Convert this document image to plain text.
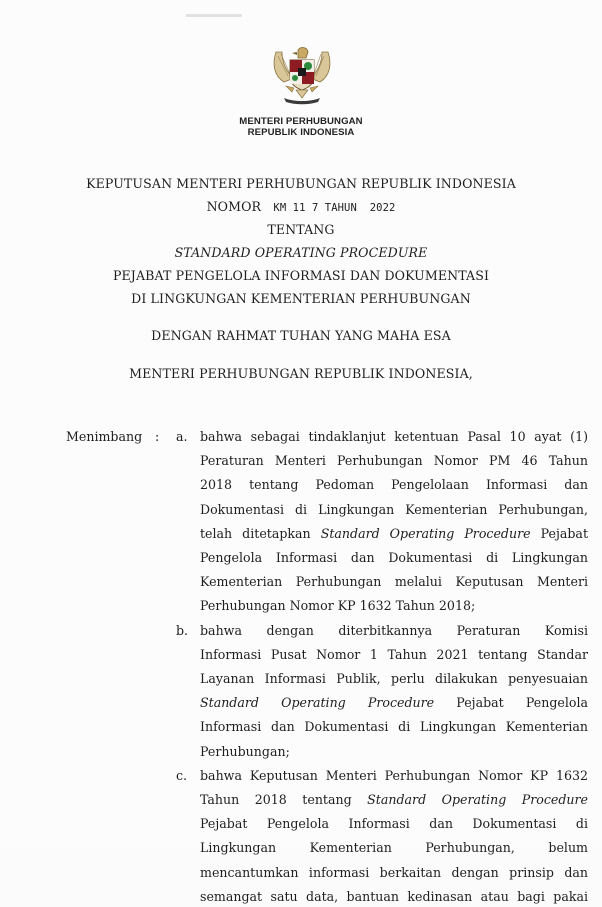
MENTERI PERHUBUNGAN
REPUBLIK INDONESIA
KEPUTUSAN MENTERI PERHUBUNGAN REPUBLIK INDONESIA
NOMOR KM 11 7 TAHUN  2022
TENTANG
STANDARD OPERATING PROCEDURE
PEJABAT PENGELOLA INFORMASI DAN DOKUMENTASI
DI LINGKUNGAN KEMENTERIAN PERHUBUNGAN
DENGAN RAHMAT TUHAN YANG MAHA ESA
MENTERI PERHUBUNGAN REPUBLIK INDONESIA,
Menimbang : a. bahwa sebagai tindaklanjut ketentuan Pasal 10 ayat (1)
Peraturan Menteri Perhubungan Nomor PM 46 Tahun
2018 tentang Pedoman Pengelolaan Informasi dan
Dokumentasi di Lingkungan Kementerian Perhubungan,
telah ditetapkan Standard Operating Procedure Pejabat
Pengelola Informasi dan Dokumentasi di Lingkungan
Kementerian Perhubungan melalui Keputusan Menteri
Perhubungan Nomor KP 1632 Tahun 2018;
b. bahwa dengan diterbitkannya Peraturan Komisi
Informasi Pusat Nomor 1 Tahun 2021 tentang Standar
Layanan Informasi Publik, perlu dilakukan penyesuaian
Standard Operating Procedure Pejabat Pengelola
Informasi dan Dokumentasi di Lingkungan Kementerian
Perhubungan;
c. bahwa Keputusan Menteri Perhubungan Nomor KP 1632
Tahun 2018 tentang Standard Operating Procedure
Pejabat Pengelola Informasi dan Dokumentasi di
Lingkungan Kementerian Perhubungan, belum
mencantumkan informasi berkaitan dengan prinsip dan
semangat satu data, bantuan kedinasan atau bagi pakai
